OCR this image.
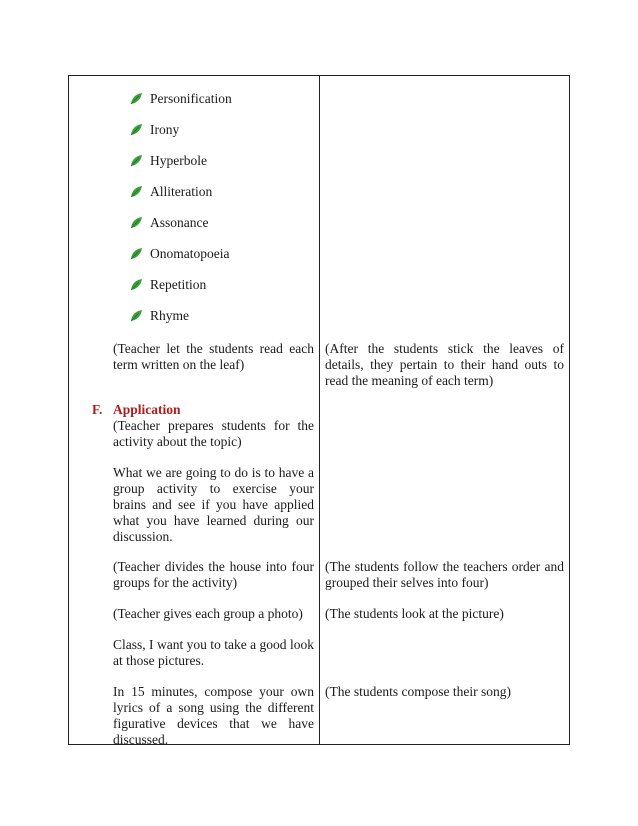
Personification
Irony
Hyperbole
Alliteration
Assonance
Onomatopoeia
Repetition
Rhyme

(Teacher let the students read each term written on the leaf)

(After the students stick the leaves of details, they pertain to their hand outs to read the meaning of each term)

F. Application

(Teacher prepares students for the activity about the topic)

What we are going to do is to have a group activity to exercise your brains and see if you have applied what you have learned during our discussion.

(Teacher divides the house into four groups for the activity)

(The students follow the teachers order and grouped their selves into four)

(Teacher gives each group a photo)	(The students look at the picture)

Class, I want you to take a good look at those pictures.

In 15 minutes, compose your own lyrics of a song using the different figurative devices that we have discussed.

(The students compose their song)
